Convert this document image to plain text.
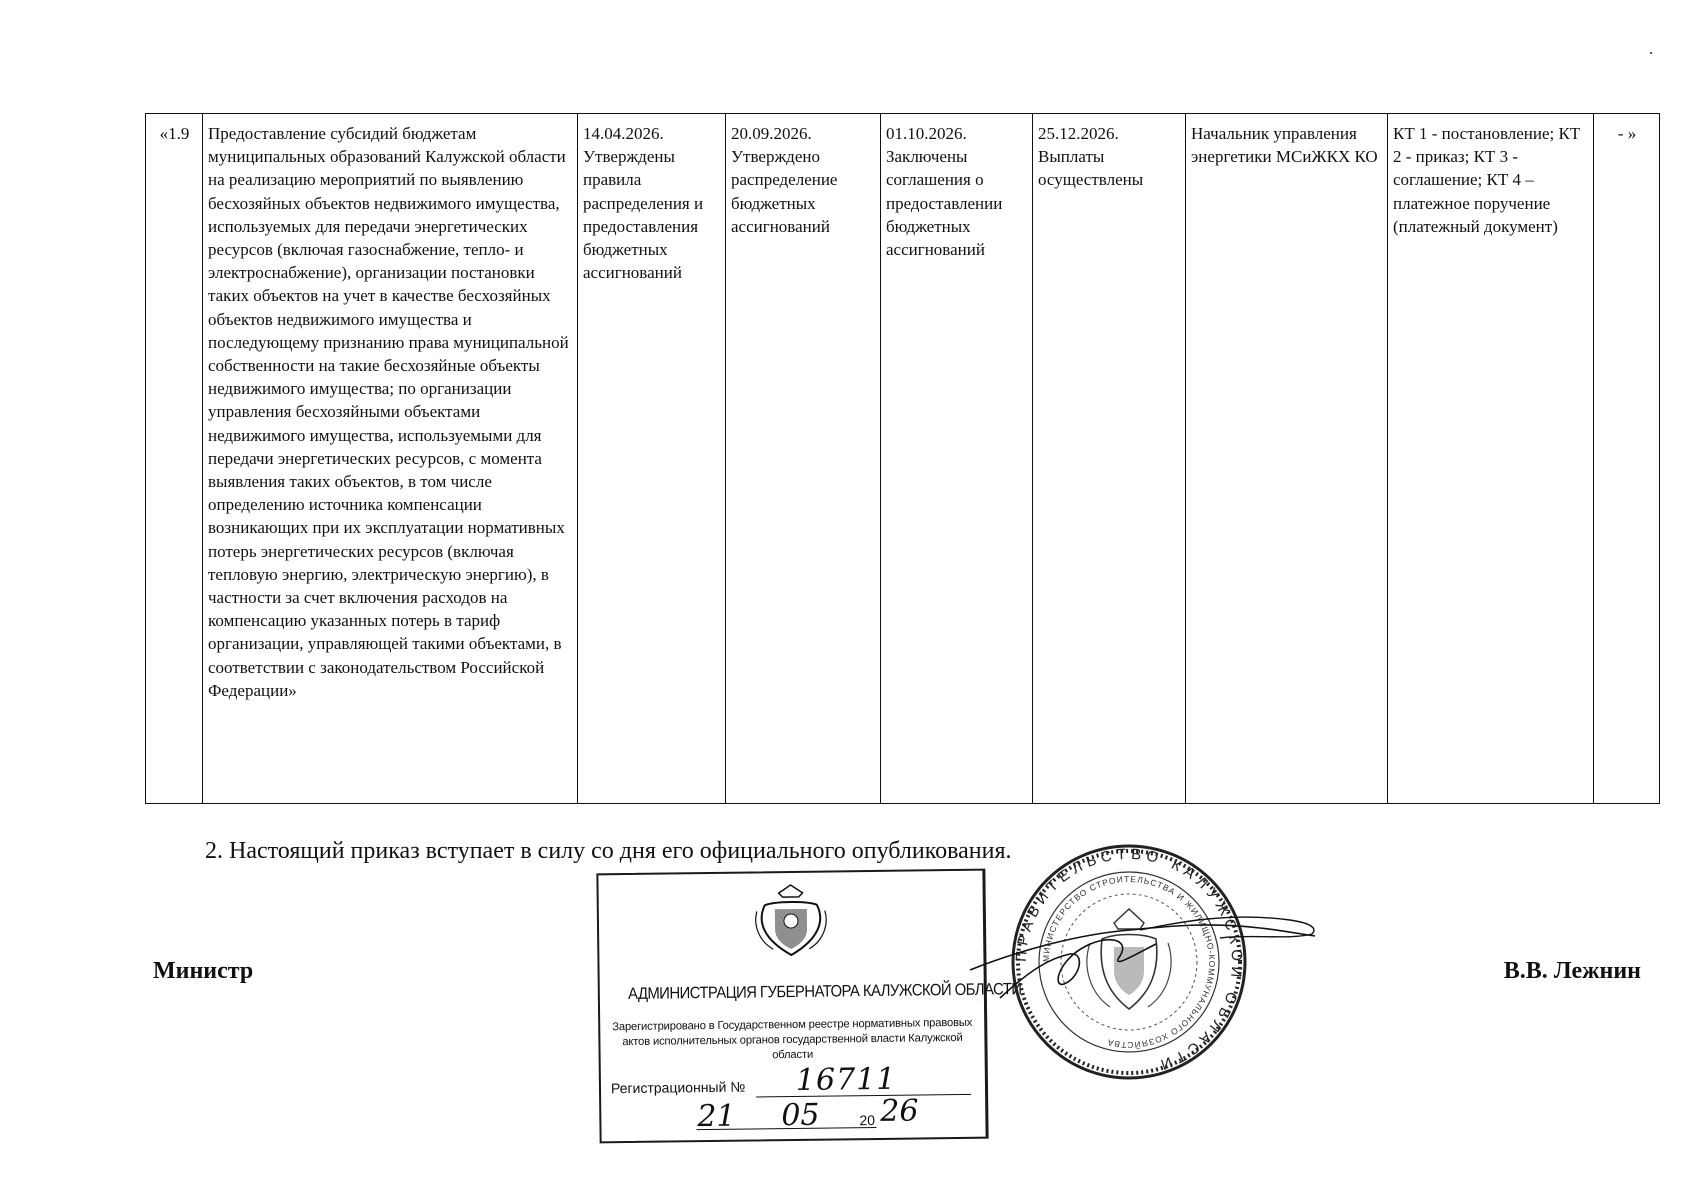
«1.9	Предоставление субсидий бюджетам муниципальных образований Калужской области на реализацию мероприятий по выявлению бесхозяйных объектов недвижимого имущества, используемых для передачи энергетических ресурсов (включая газоснабжение, тепло- и электроснабжение), организации постановки таких объектов на учет в качестве бесхозяйных объектов недвижимого имущества и последующему признанию права муниципальной собственности на такие бесхозяйные объекты недвижимого имущества; по организации управления бесхозяйными объектами недвижимого имущества, используемыми для передачи энергетических ресурсов, с момента выявления таких объектов, в том числе определению источника компенсации возникающих при их эксплуатации нормативных потерь энергетических ресурсов (включая тепловую энергию, электрическую энергию), в частности за счет включения расходов на компенсацию указанных потерь в тариф организации, управляющей такими объектами, в соответствии с законодательством Российской Федерации»	14.04.2026. Утверждены правила распределения и предоставления бюджетных ассигнований	20.09.2026. Утверждено распределение бюджетных ассигнований	01.10.2026. Заключены соглашения о предоставлении бюджетных ассигнований	25.12.2026. Выплаты осуществлены	Начальник управления энергетики МСиЖКХ КО	КТ 1 - постановление; КТ 2 - приказ; КТ 3 - соглашение; КТ 4 – платежное поручение (платежный документ)	- »
2. Настоящий приказ вступает в силу со дня его официального опубликования.
Министр	В.В. Лежнин
АДМИНИСТРАЦИЯ ГУБЕРНАТОРА КАЛУЖСКОЙ ОБЛАСТИ
Зарегистрировано в Государственном реестре нормативных правовых актов исполнительных органов государственной власти Калужской области
Регистрационный № 16711
21 05	20 26
ПРАВИТЕЛЬСТВО КАЛУЖСКОЙ ОБЛАСТИ
МИНИСТЕРСТВО СТРОИТЕЛЬСТВА И ЖИЛИЩНО-КОММУНАЛЬНОГО ХОЗЯЙСТВА
